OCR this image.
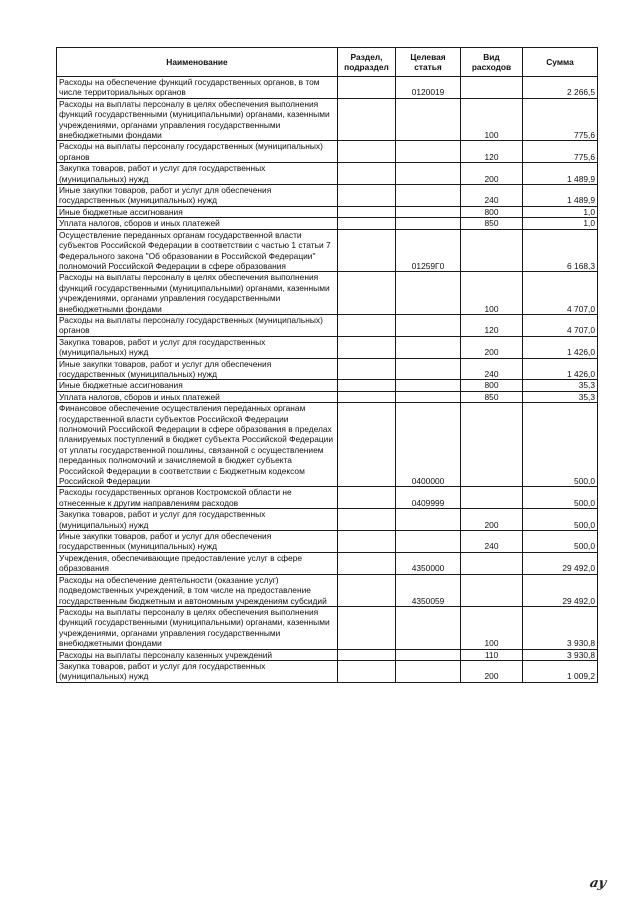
Наименование	Раздел, подраздел	Целевая статья	Вид расходов	Сумма
Расходы на обеспечение функций государственных органов, в том числе территориальных органов		0120019		2 266,5
Расходы на выплаты персоналу в целях обеспечения выполнения функций государственными (муниципальными) органами, казенными учреждениями, органами управления государственными внебюджетными фондами			100	775,6
Расходы на выплаты персоналу государственных (муниципальных) органов			120	775,6
Закупка товаров, работ и услуг для государственных (муниципальных) нужд			200	1 489,9
Иные закупки товаров, работ и услуг для обеспечения государственных (муниципальных) нужд			240	1 489,9
Иные бюджетные ассигнования			800	1,0
Уплата налогов, сборов и иных платежей			850	1,0
Осуществление переданных органам государственной власти субъектов Российской Федерации в соответствии с частью 1 статьи 7 Федерального закона "Об образовании в Российской Федерации" полномочий Российской Федерации в сфере образования		01259Г0		6 168,3
Расходы на выплаты персоналу в целях обеспечения выполнения функций государственными (муниципальными) органами, казенными учреждениями, органами управления государственными внебюджетными фондами			100	4 707,0
Расходы на выплаты персоналу государственных (муниципальных) органов			120	4 707,0
Закупка товаров, работ и услуг для государственных (муниципальных) нужд			200	1 426,0
Иные закупки товаров, работ и услуг для обеспечения государственных (муниципальных) нужд			240	1 426,0
Иные бюджетные ассигнования			800	35,3
Уплата налогов, сборов и иных платежей			850	35,3
Финансовое обеспечение осуществления переданных органам государственной власти субъектов Российской Федерации полномочий Российской Федерации в сфере образования в пределах планируемых поступлений в бюджет субъекта Российской Федерации от уплаты государственной пошлины, связанной с осуществлением переданных полномочий и зачисляемой в бюджет субъекта Российской Федерации в соответствии с Бюджетным кодексом Российской Федерации		0400000		500,0
Расходы государственных органов Костромской области не отнесенные к другим направлениям расходов		0409999		500,0
Закупка товаров, работ и услуг для государственных (муниципальных) нужд			200	500,0
Иные закупки товаров, работ и услуг для обеспечения государственных (муниципальных) нужд			240	500,0
Учреждения, обеспечивающие предоставление услуг в сфере образования		4350000		29 492,0
Расходы на обеспечение деятельности (оказание услуг) подведомственных учреждений, в том числе на предоставление государственным бюджетным и автономным учреждениям субсидий		4350059		29 492,0
Расходы на выплаты персоналу в целях обеспечения выполнения функций государственными (муниципальными) органами, казенными учреждениями, органами управления государственными внебюджетными фондами			100	3 930,8
Расходы на выплаты персоналу казенных учреждений			110	3 930,8
Закупка товаров, работ и услуг для государственных (муниципальных) нужд			200	1 009,2
ау
